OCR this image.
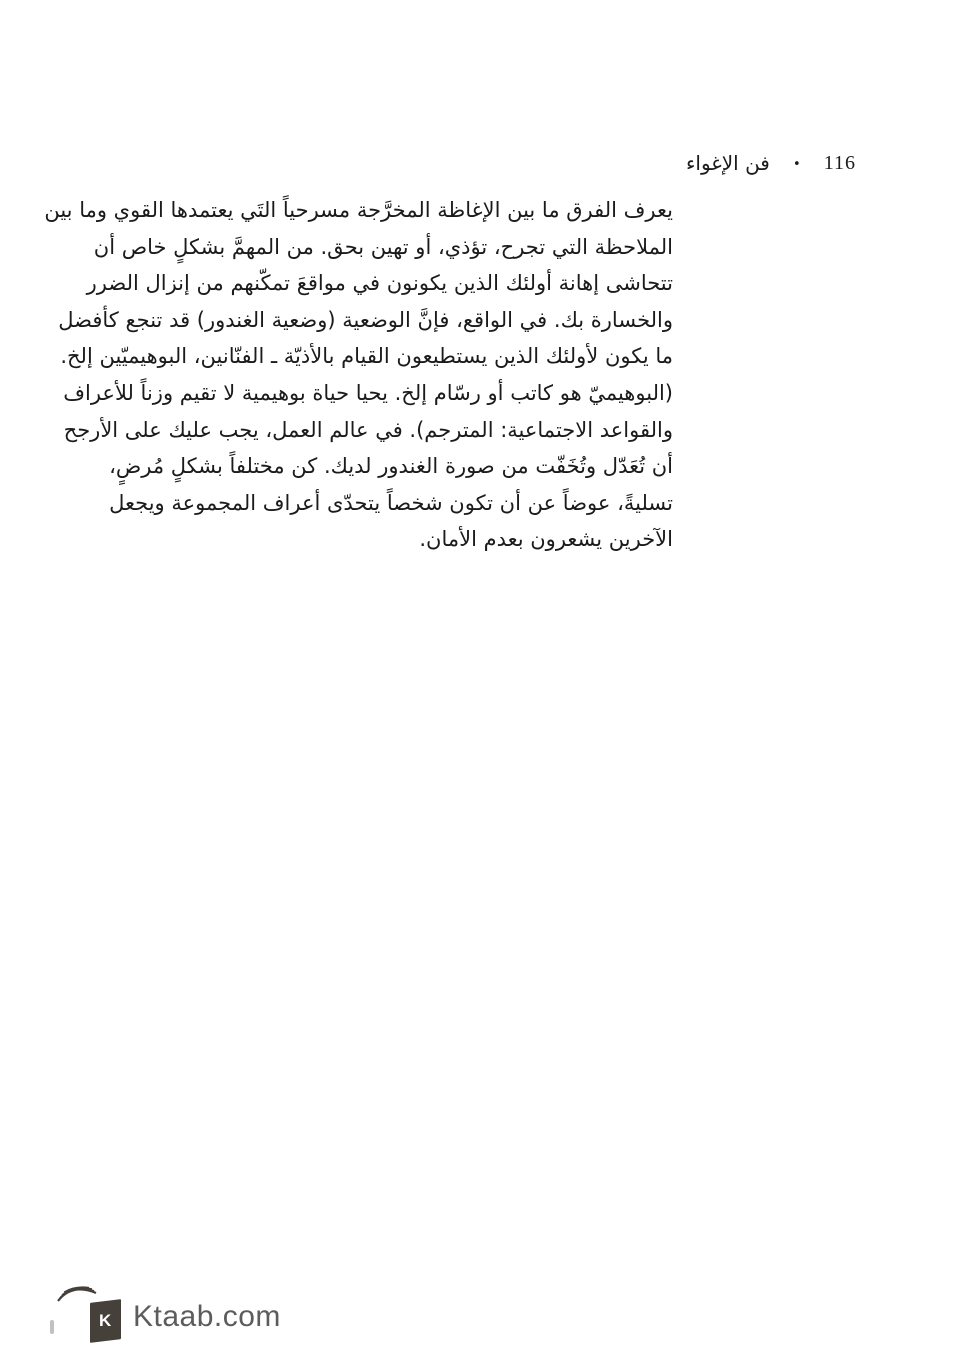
فن الإغواء • 116
يعرف الفرق ما بين الإغاظة المخرَّجة مسرحياً التَي يعتمدها القوي وما بين
الملاحظة التي تجرح، تؤذي، أو تهين بحق. من المهمَّ بشكلٍ خاص أن
تتحاشى إهانة أولئك الذين يكونون في مواقعَ تمكّنهم من إنزال الضرر
والخسارة بك. في الواقع، فإنَّ الوضعية (وضعية الغندور) قد تنجع كأفضل
ما يكون لأولئك الذين يستطيعون القيام بالأذيّة ـ الفنّانين، البوهيميّين إلخ.
(البوهيميّ هو كاتب أو رسّام إلخ. يحيا حياة بوهيمية لا تقيم وزناً للأعراف
والقواعد الاجتماعية: المترجم). في عالم العمل، يجب عليك على الأرجح
أن تُعَدّل وتُخَفّت من صورة الغندور لديك. كن مختلفاً بشكلٍ مُرضٍ،
تسليةً، عوضاً عن أن تكون شخصاً يتحدّى أعراف المجموعة ويجعل
الآخرين يشعرون بعدم الأمان.
K Ktaab.com
